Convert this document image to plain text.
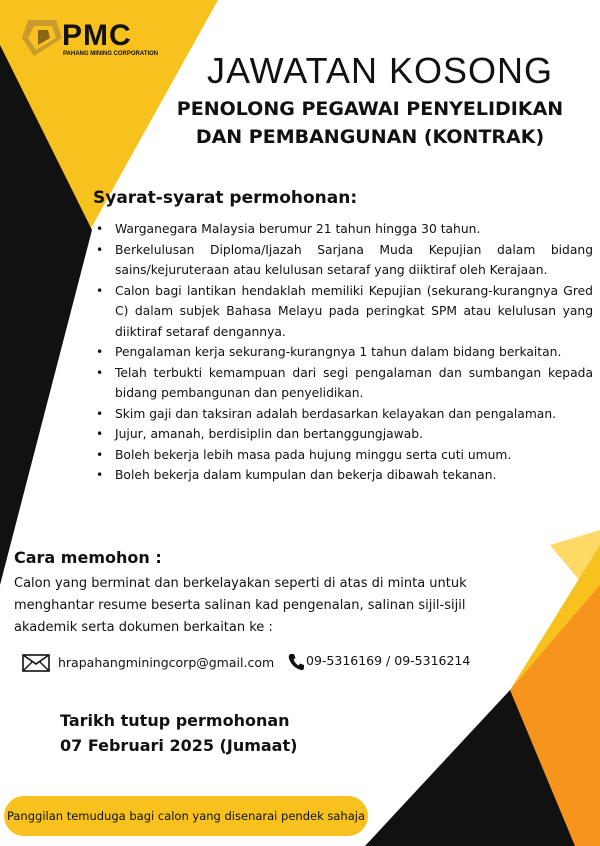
PMC
PAHANG MINING CORPORATION	JAWATAN KOSONG
PENOLONG PEGAWAI PENYELIDIKAN
DAN PEMBANGUNAN (KONTRAK)
Syarat-syarat permohonan:
• Warganegara Malaysia berumur 21 tahun hingga 30 tahun.
• Berkelulusan Diploma/Ijazah Sarjana Muda Kepujian dalam bidang sains/kejuruteraan atau kelulusan setaraf yang diiktiraf oleh Kerajaan.
• Calon bagi lantikan hendaklah memiliki Kepujian (sekurang-kurangnya Gred C) dalam subjek Bahasa Melayu pada peringkat SPM atau kelulusan yang diiktiraf setaraf dengannya.
• Pengalaman kerja sekurang-kurangnya 1 tahun dalam bidang berkaitan.
• Telah terbukti kemampuan dari segi pengalaman dan sumbangan kepada bidang pembangunan dan penyelidikan.
• Skim gaji dan taksiran adalah berdasarkan kelayakan dan pengalaman.
• Jujur, amanah, berdisiplin dan bertanggungjawab.
• Boleh bekerja lebih masa pada hujung minggu serta cuti umum.
• Boleh bekerja dalam kumpulan dan bekerja dibawah tekanan.
Cara memohon :
Calon yang berminat dan berkelayakan seperti di atas di minta untuk menghantar resume beserta salinan kad pengenalan, salinan sijil-sijil akademik serta dokumen berkaitan ke :
hrapahangminingcorp@gmail.com	09-5316169 / 09-5316214
Tarikh tutup permohonan
07 Februari 2025 (Jumaat)
Panggilan temuduga bagi calon yang disenarai pendek sahaja
